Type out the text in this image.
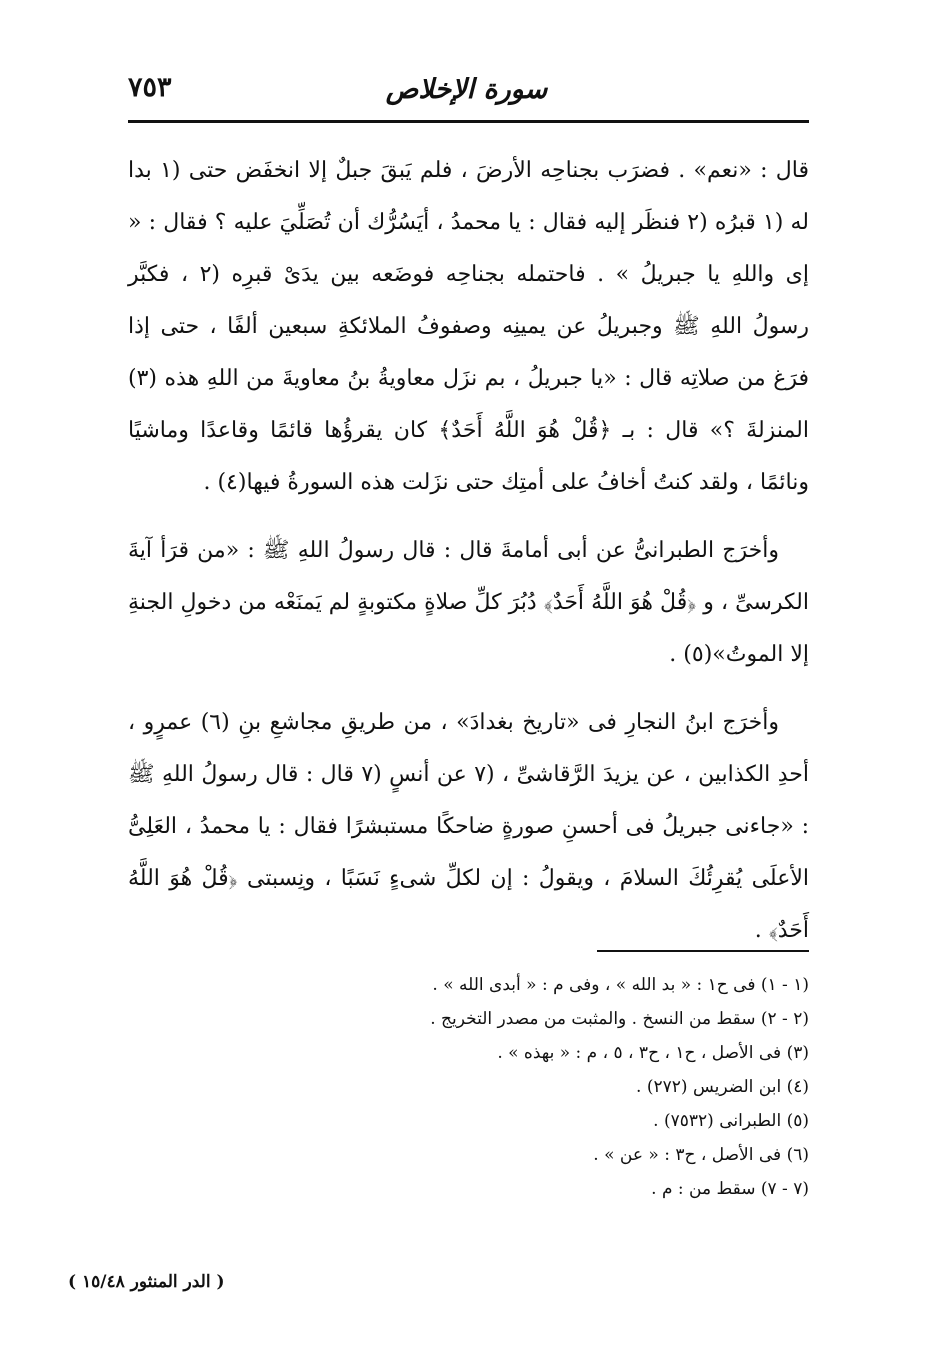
٧٥٣	سورة الإخلاص

قال : «نعم» . فضرَب بجناحِه الأرضَ ، فلم يَبقَ جبلٌ إلا انخفَض حتى (١ بدا له (١ قبرُه (٢ فنظَر إليه فقال : يا محمدُ ، أيَسُرُّك أن تُصَلِّيَ عليه ؟ فقال : « إى واللهِ يا جبريلُ » . فاحتمله بجناحِه فوضَعه بين يدَىْ قبرِه (٢ ، فكبَّر رسولُ اللهِ ﷺ وجبريلُ عن يمينِه وصفوفُ الملائكةِ سبعين ألفًا ، حتى إذا فرَغ من صلاتِه قال : «يا جبريلُ ، بم نزَل معاويةُ بنُ معاويةَ من اللهِ هذه (٣) المنزلةَ ؟» قال : بـ ﴿قُلْ هُوَ اللَّهُ أَحَدٌ﴾ كان يقرؤُها قائمًا وقاعدًا وماشيًا ونائمًا ، ولقد كنتُ أخافُ على أمتِك حتى نزَلت هذه السورةُ فيها(٤) .

وأخرَج الطبرانىُّ عن أبى أمامةَ قال : قال رسولُ اللهِ ﷺ : «من قرَأ آيةَ الكرسىِّ ، و ﴿قُلْ هُوَ اللَّهُ أَحَدٌ﴾ دُبُرَ كلِّ صلاةٍ مكتوبةٍ لم يَمنَعْه من دخولِ الجنةِ إلا الموتُ»(٥) .

وأخرَج ابنُ النجارِ فى «تاريخ بغدادَ» ، من طريقِ مجاشعِ بنِ (٦) عمرٍو ، أحدِ الكذابين ، عن يزيدَ الرَّقاشىِّ ، (٧ عن أنسٍ (٧ قال : قال رسولُ اللهِ ﷺ : «جاءنى جبريلُ فى أحسنِ صورةٍ ضاحكًا مستبشرًا فقال : يا محمدُ ، العَلِىُّ الأعلَى يُقرِئُكَ السلامَ ، ويقولُ : إن لكلِّ شىءٍ نَسَبًا ، ونِسبتى ﴿قُلْ هُوَ اللَّهُ أَحَدٌ﴾ .

(١ - ١) فى ح١ : « بد الله » ، وفى م : « أبدى الله » .
(٢ - ٢) سقط من النسخ . والمثبت من مصدر التخريج .
(٣) فى الأصل ، ح١ ، ح٣ ، ٥ ، م : « بهذه » .
(٤) ابن الضريس (٢٧٢) .
(٥) الطبرانى (٧٥٣٢) .
(٦) فى الأصل ، ح٣ : « عن » .
(٧ - ٧) سقط من : م .
( الدر المنثور ١٥/٤٨ )
